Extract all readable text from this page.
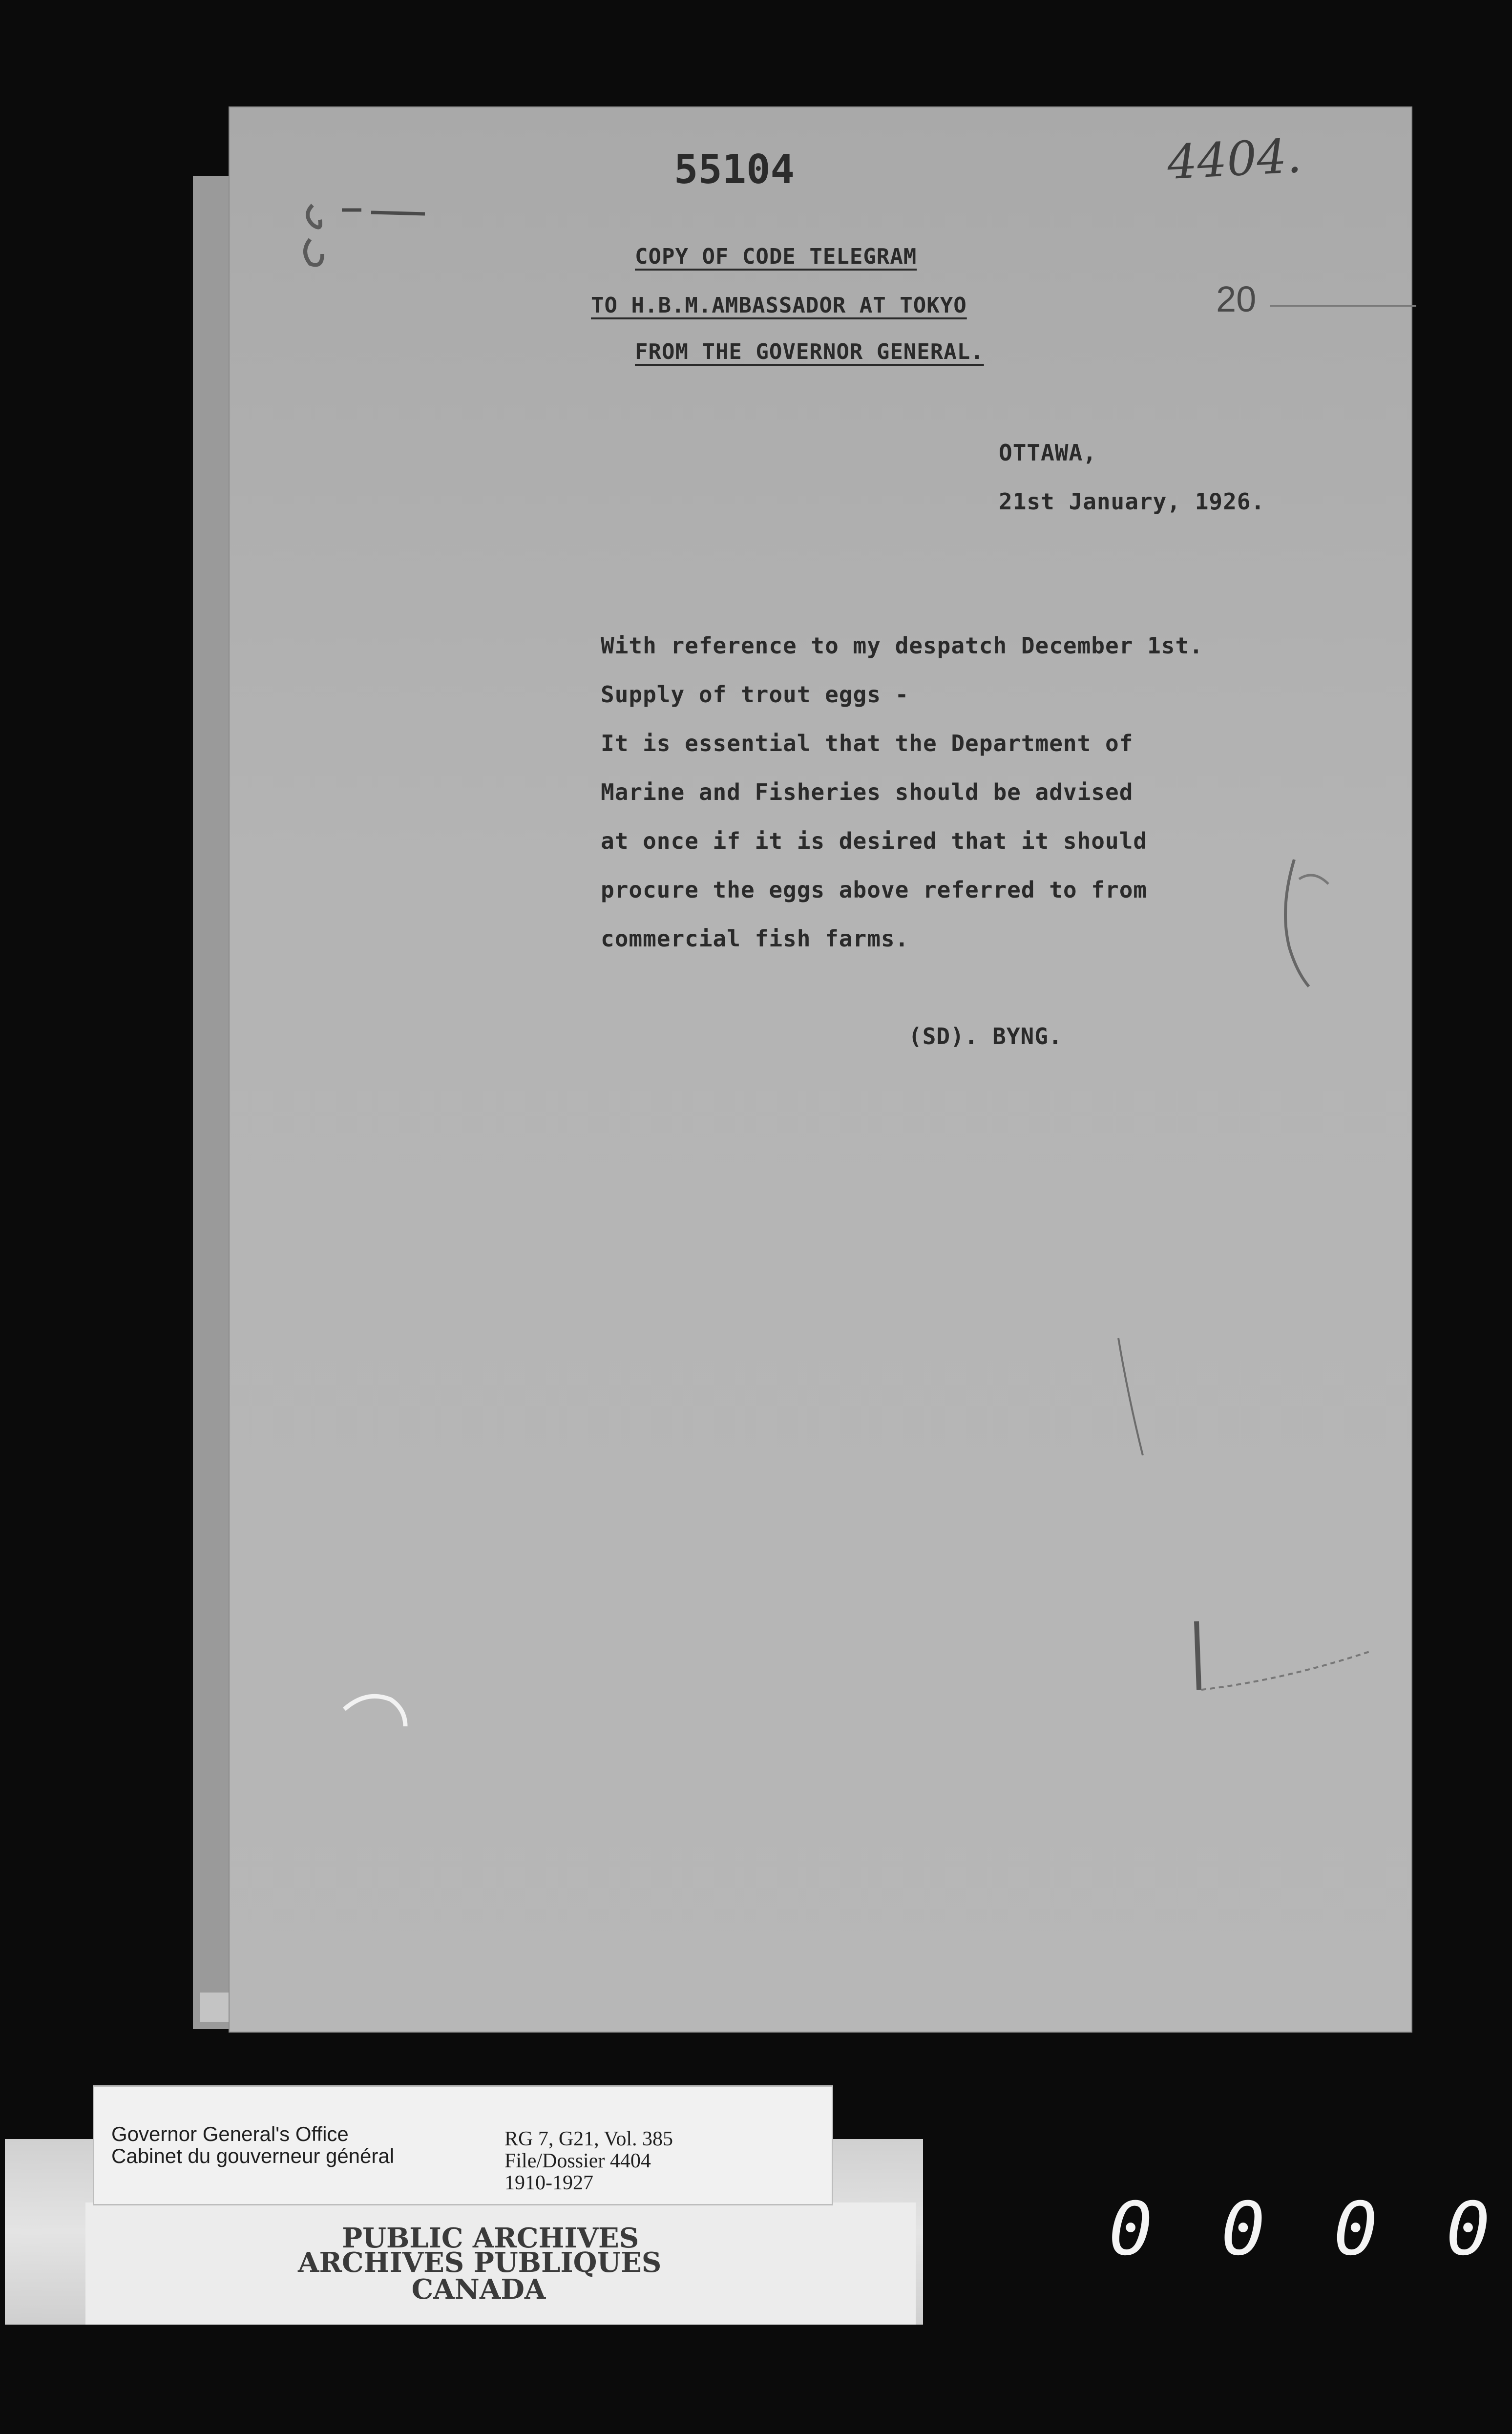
55104	4404.
20
COPY OF CODE TELEGRAM
TO H.B.M.AMBASSADOR AT TOKYO
FROM THE GOVERNOR GENERAL.
OTTAWA,
21st January, 1926.
With reference to my despatch December 1st.
Supply of trout eggs -
It is essential that the Department of
Marine and Fisheries should be advised
at once if it is desired that it should
procure the eggs above referred to from
commercial fish farms.
(SD). BYNG.
PUBLIC ARCHIVES
ARCHIVES PUBLIQUES
CANADA
Governor General's Office
Cabinet du gouverneur général
RG 7, G21, Vol. 385
File/Dossier 4404
1910-1927
0 0 0 0
